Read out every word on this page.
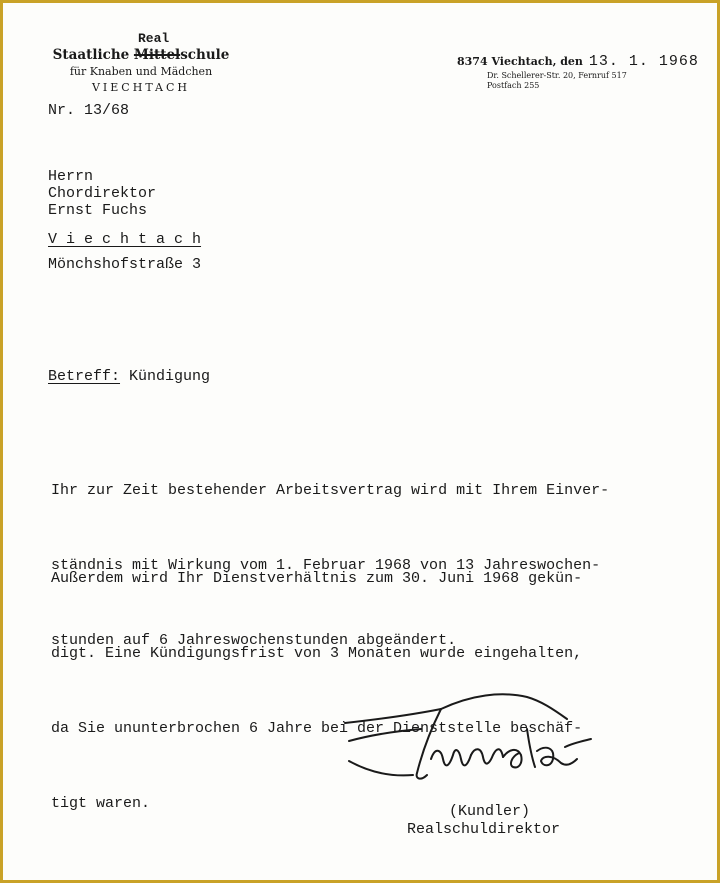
Staatliche Mittelschule
Real
für Knaben und Mädchen
VIECHTACH
8374 Viechtach, den 13. 1. 1968
Dr. Schellerer-Str. 20, Fernruf 517
Postfach 255
Nr. 13/68
Herrn
Chordirektor
Ernst Fuchs
V i e c h t a c h
Mönchshofstraße 3
Betreff: Kündigung

Ihr zur Zeit bestehender Arbeitsvertrag wird mit Ihrem Einver-

ständnis mit Wirkung vom 1. Februar 1968 von 13 Jahreswochen-

stunden auf 6 Jahreswochenstunden abgeändert.

Außerdem wird Ihr Dienstverhältnis zum 30. Juni 1968 gekün-

digt. Eine Kündigungsfrist von 3 Monaten wurde eingehalten,

da Sie ununterbrochen 6 Jahre bei der Dienststelle beschäf-

tigt waren.

	(Kundler)
Realschuldirektor
